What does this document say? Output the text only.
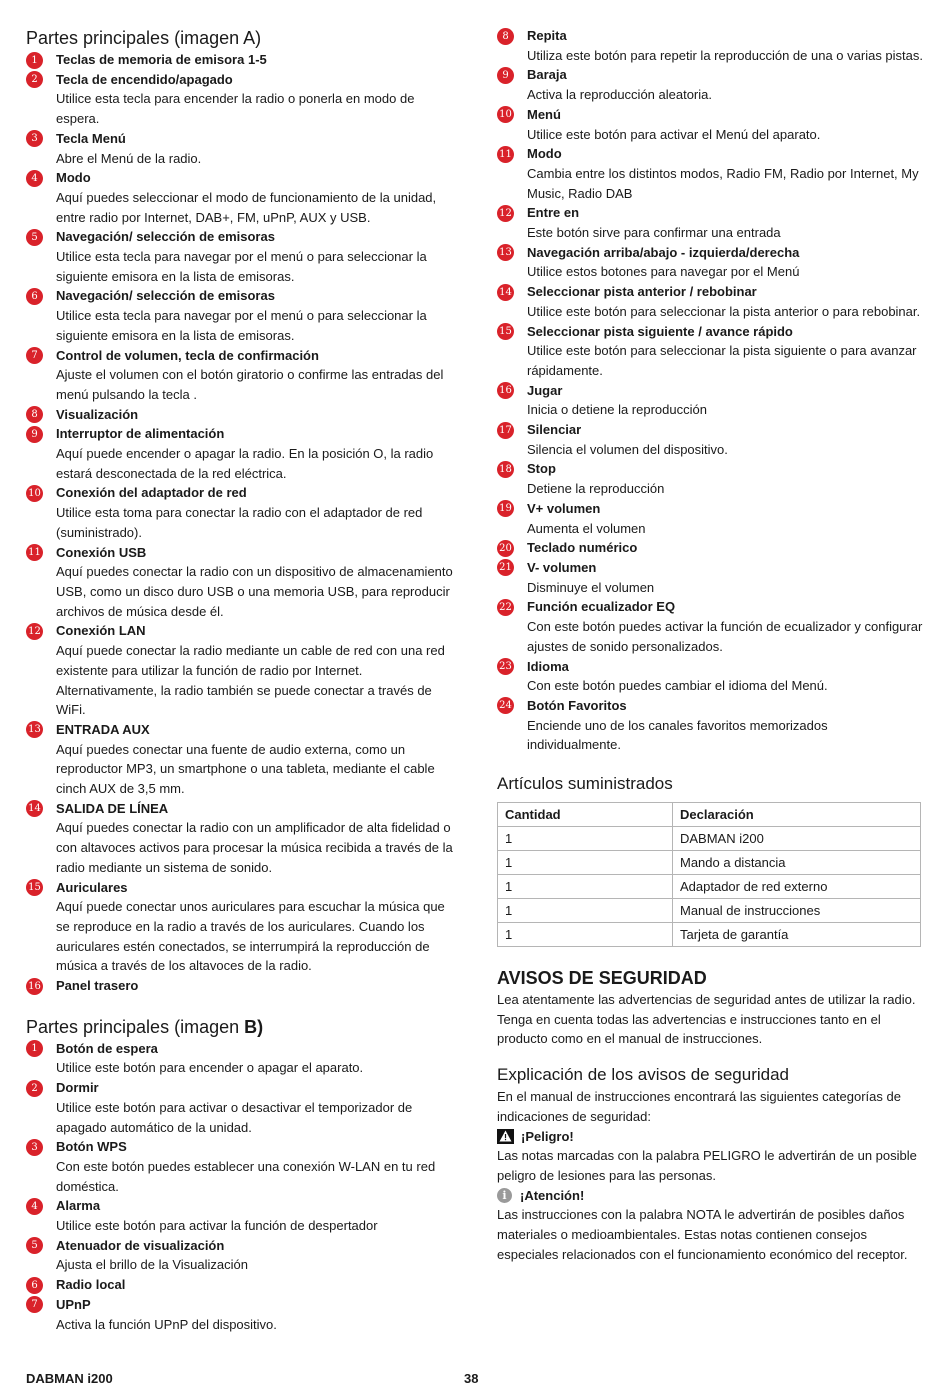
Partes principales (imagen A)
1	Teclas de memoria de emisora 1-5
2	Tecla de encendido/apagado
Utilice esta tecla para encender la radio o ponerla en modo de espera.
3	Tecla Menú
Abre el Menú de la radio.
4	Modo
Aquí puedes seleccionar el modo de funcionamiento de la unidad, entre radio por Internet, DAB+, FM, uPnP, AUX y USB.
5	Navegación/ selección de emisoras
Utilice esta tecla para navegar por el menú o para seleccionar la siguiente emisora en la lista de emisoras.
6	Navegación/ selección de emisoras
Utilice esta tecla para navegar por el menú o para seleccionar la siguiente emisora en la lista de emisoras.
7	Control de volumen, tecla de confirmación
Ajuste el volumen con el botón giratorio o confirme las entradas del menú pulsando la tecla .
8	Visualización
9	Interruptor de alimentación
Aquí puede encender o apagar la radio. En la posición O, la radio estará desconectada de la red eléctrica.
10 Conexión del adaptador de red
Utilice esta toma para conectar la radio con el adaptador de red (suministrado).
11 Conexión USB
Aquí puedes conectar la radio con un dispositivo de almacenamiento USB, como un disco duro USB o una memoria USB, para reproducir archivos de música desde él.
12 Conexión LAN
Aquí puede conectar la radio mediante un cable de red con una red existente para utilizar la función de radio por Internet. Alternativamente, la radio también se puede conectar a través de WiFi.
13 ENTRADA AUX
Aquí puedes conectar una fuente de audio externa, como un reproductor MP3, un smartphone o una tableta, mediante el cable cinch AUX de 3,5 mm.
14 SALIDA DE LÍNEA
Aquí puedes conectar la radio con un amplificador de alta fidelidad o con altavoces activos para procesar la música recibida a través de la radio mediante un sistema de sonido.
15 Auriculares
Aquí puede conectar unos auriculares para escuchar la música que se reproduce en la radio a través de los auriculares. Cuando los auriculares estén conectados, se interrumpirá la reproducción de música a través de los altavoces de la radio.
16 Panel trasero
Partes principales (imagen B)
1	Botón de espera
Utilice este botón para encender o apagar el aparato.
2	Dormir
Utilice este botón para activar o desactivar el temporizador de apagado automático de la unidad.
3	Botón WPS
Con este botón puedes establecer una conexión W-LAN en tu red doméstica.
4	Alarma
Utilice este botón para activar la función de despertador
5	Atenuador de visualización
Ajusta el brillo de la Visualización
6	Radio local
7	UPnP
Activa la función UPnP del dispositivo.
8	Repita
Utiliza este botón para repetir la reproducción de una o varias pistas.
9	Baraja
Activa la reproducción aleatoria.
10 Menú
Utilice este botón para activar el Menú del aparato.
11 Modo
Cambia entre los distintos modos, Radio FM, Radio por Internet, My Music, Radio DAB
12 Entre en
Este botón sirve para confirmar una entrada
13 Navegación arriba/abajo - izquierda/derecha
Utilice estos botones para navegar por el Menú
14 Seleccionar pista anterior / rebobinar
Utilice este botón para seleccionar la pista anterior o para rebobinar.
15 Seleccionar pista siguiente / avance rápido
Utilice este botón para seleccionar la pista siguiente o para avanzar rápidamente.
16 Jugar
Inicia o detiene la reproducción
17 Silenciar
Silencia el volumen del dispositivo.
18 Stop
Detiene la reproducción
19 V+ volumen
Aumenta el volumen
20 Teclado numérico
21 V- volumen
Disminuye el volumen
22 Función ecualizador EQ
Con este botón puedes activar la función de ecualizador y configurar ajustes de sonido personalizados.
23 Idioma
Con este botón puedes cambiar el idioma del Menú.
24 Botón Favoritos
Enciende uno de los canales favoritos memorizados individualmente.
Artículos suministrados
Cantidad	Declaración
1	DABMAN i200
1	Mando a distancia
1	Adaptador de red externo
1	Manual de instrucciones
1	Tarjeta de garantía
AVISOS DE SEGURIDAD
Lea atentamente las advertencias de seguridad antes de utilizar la radio. Tenga en cuenta todas las advertencias e instrucciones tanto en el producto como en el manual de instrucciones.
Explicación de los avisos de seguridad
En el manual de instrucciones encontrará las siguientes categorías de indicaciones de seguridad:
¡Peligro!
Las notas marcadas con la palabra PELIGRO le advertirán de un posible peligro de lesiones para las personas.
i	¡Atención!
Las instrucciones con la palabra NOTA le advertirán de posibles daños materiales o medioambientales. Estas notas contienen consejos especiales relacionados con el funcionamiento económico del receptor.
DABMAN i200	38
